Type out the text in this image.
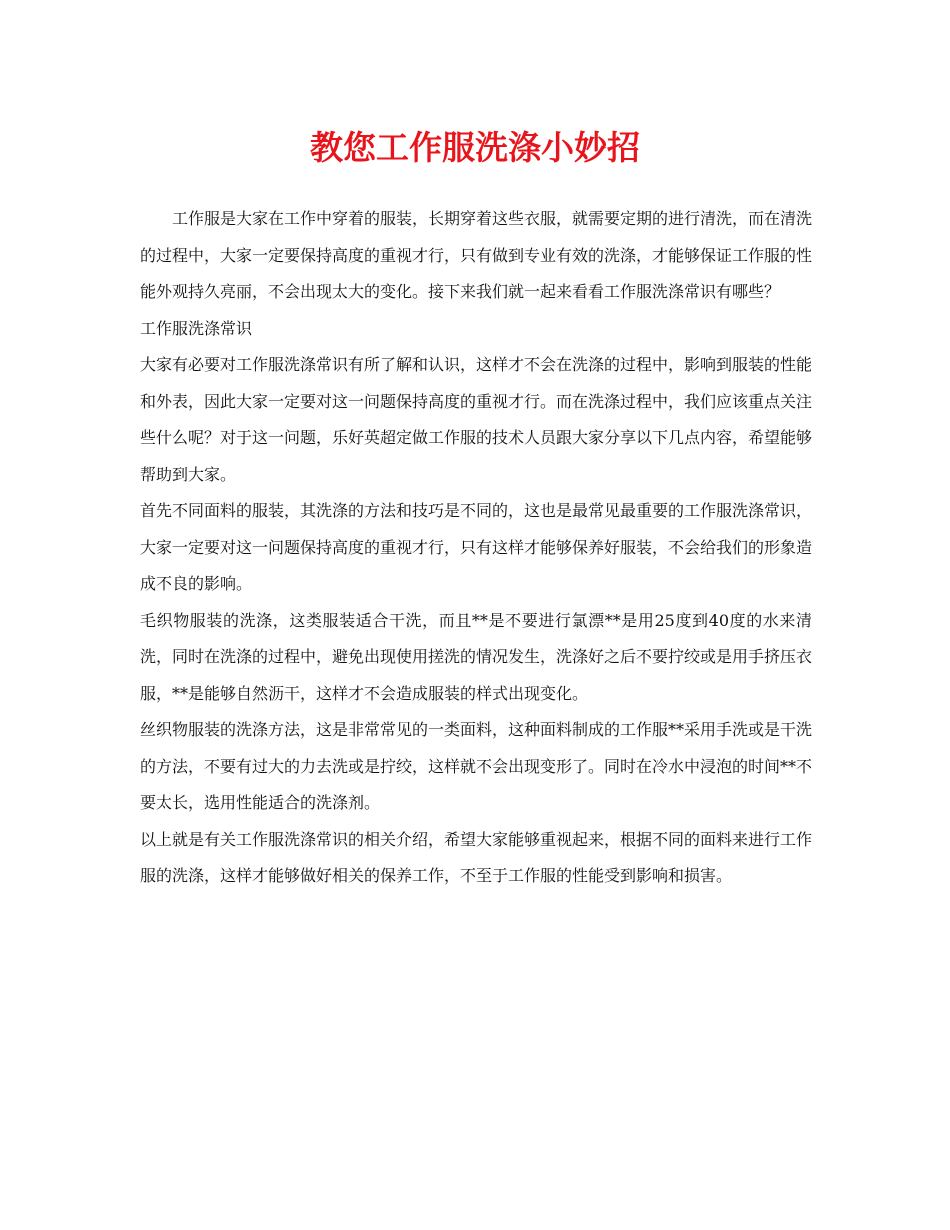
教您工作服洗涤小妙招

工作服是大家在工作中穿着的服装，长期穿着这些衣服，就需要定期的进行清洗，而在清洗的过程中，大家一定要保持高度的重视才行，只有做到专业有效的洗涤，才能够保证工作服的性能外观持久亮丽，不会出现太大的变化。接下来我们就一起来看看工作服洗涤常识有哪些？

工作服洗涤常识

大家有必要对工作服洗涤常识有所了解和认识，这样才不会在洗涤的过程中，影响到服装的性能和外表，因此大家一定要对这一问题保持高度的重视才行。而在洗涤过程中，我们应该重点关注些什么呢？对于这一问题，乐好英超定做工作服的技术人员跟大家分享以下几点内容，希望能够帮助到大家。

首先不同面料的服装，其洗涤的方法和技巧是不同的，这也是最常见最重要的工作服洗涤常识，大家一定要对这一问题保持高度的重视才行，只有这样才能够保养好服装，不会给我们的形象造成不良的影响。

毛织物服装的洗涤，这类服装适合干洗，而且**是不要进行氯漂**是用25度到40度的水来清洗，同时在洗涤的过程中，避免出现使用搓洗的情况发生，洗涤好之后不要拧绞或是用手挤压衣服，**是能够自然沥干，这样才不会造成服装的样式出现变化。

丝织物服装的洗涤方法，这是非常常见的一类面料，这种面料制成的工作服**采用手洗或是干洗的方法，不要有过大的力去洗或是拧绞，这样就不会出现变形了。同时在冷水中浸泡的时间**不要太长，选用性能适合的洗涤剂。

以上就是有关工作服洗涤常识的相关介绍，希望大家能够重视起来，根据不同的面料来进行工作服的洗涤，这样才能够做好相关的保养工作，不至于工作服的性能受到影响和损害。
